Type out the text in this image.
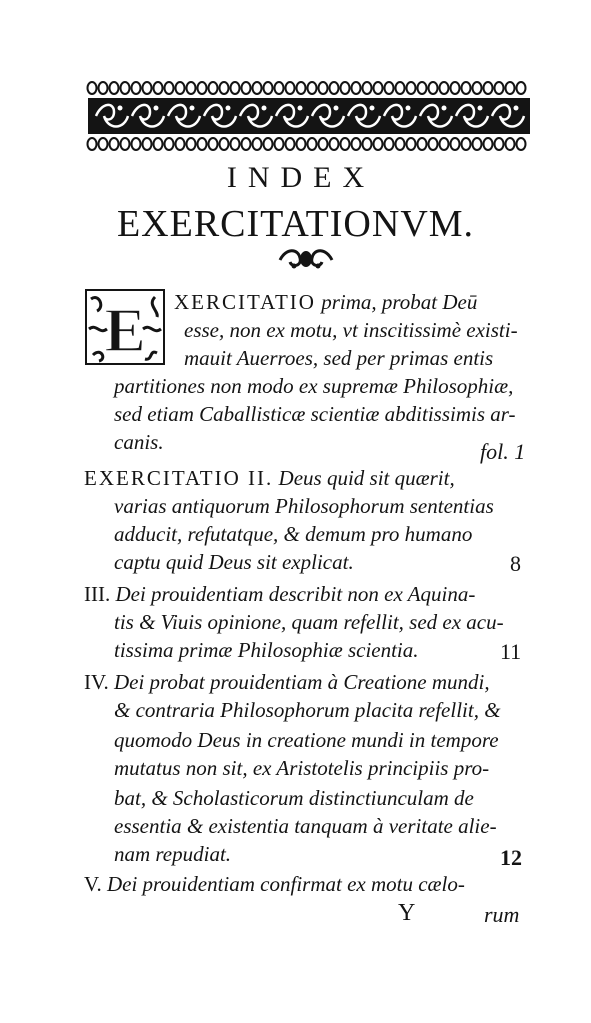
INDEX
EXERCITATIONVM.
E XERCITATIO prima, probat Deū
esse, non ex motu, vt inscitissimè existi-
mauit Auerroes, sed per primas entis
partitiones non modo ex supremæ Philosophiæ,
sed etiam Caballisticæ scientiæ abditissimis ar-
canis.	fol. 1
EXERCITATIO II. Deus quid sit quærit,
varias antiquorum Philosophorum sententias
adducit, refutatque, & demum pro humano
captu quid Deus sit explicat.	8
III. Dei prouidentiam describit non ex Aquina-
tis & Viuis opinione, quam refellit, sed ex acu-
tissima primæ Philosophiæ scientia.	11
IV. Dei probat prouidentiam à Creatione mundi,
& contraria Philosophorum placita refellit, &
quomodo Deus in creatione mundi in tempore
mutatus non sit, ex Aristotelis principiis pro-
bat, & Scholasticorum distinctiunculam de
essentia & existentia tanquam à veritate alie-
nam repudiat.	12
V. Dei prouidentiam confirmat ex motu cælo-
Y	rum
